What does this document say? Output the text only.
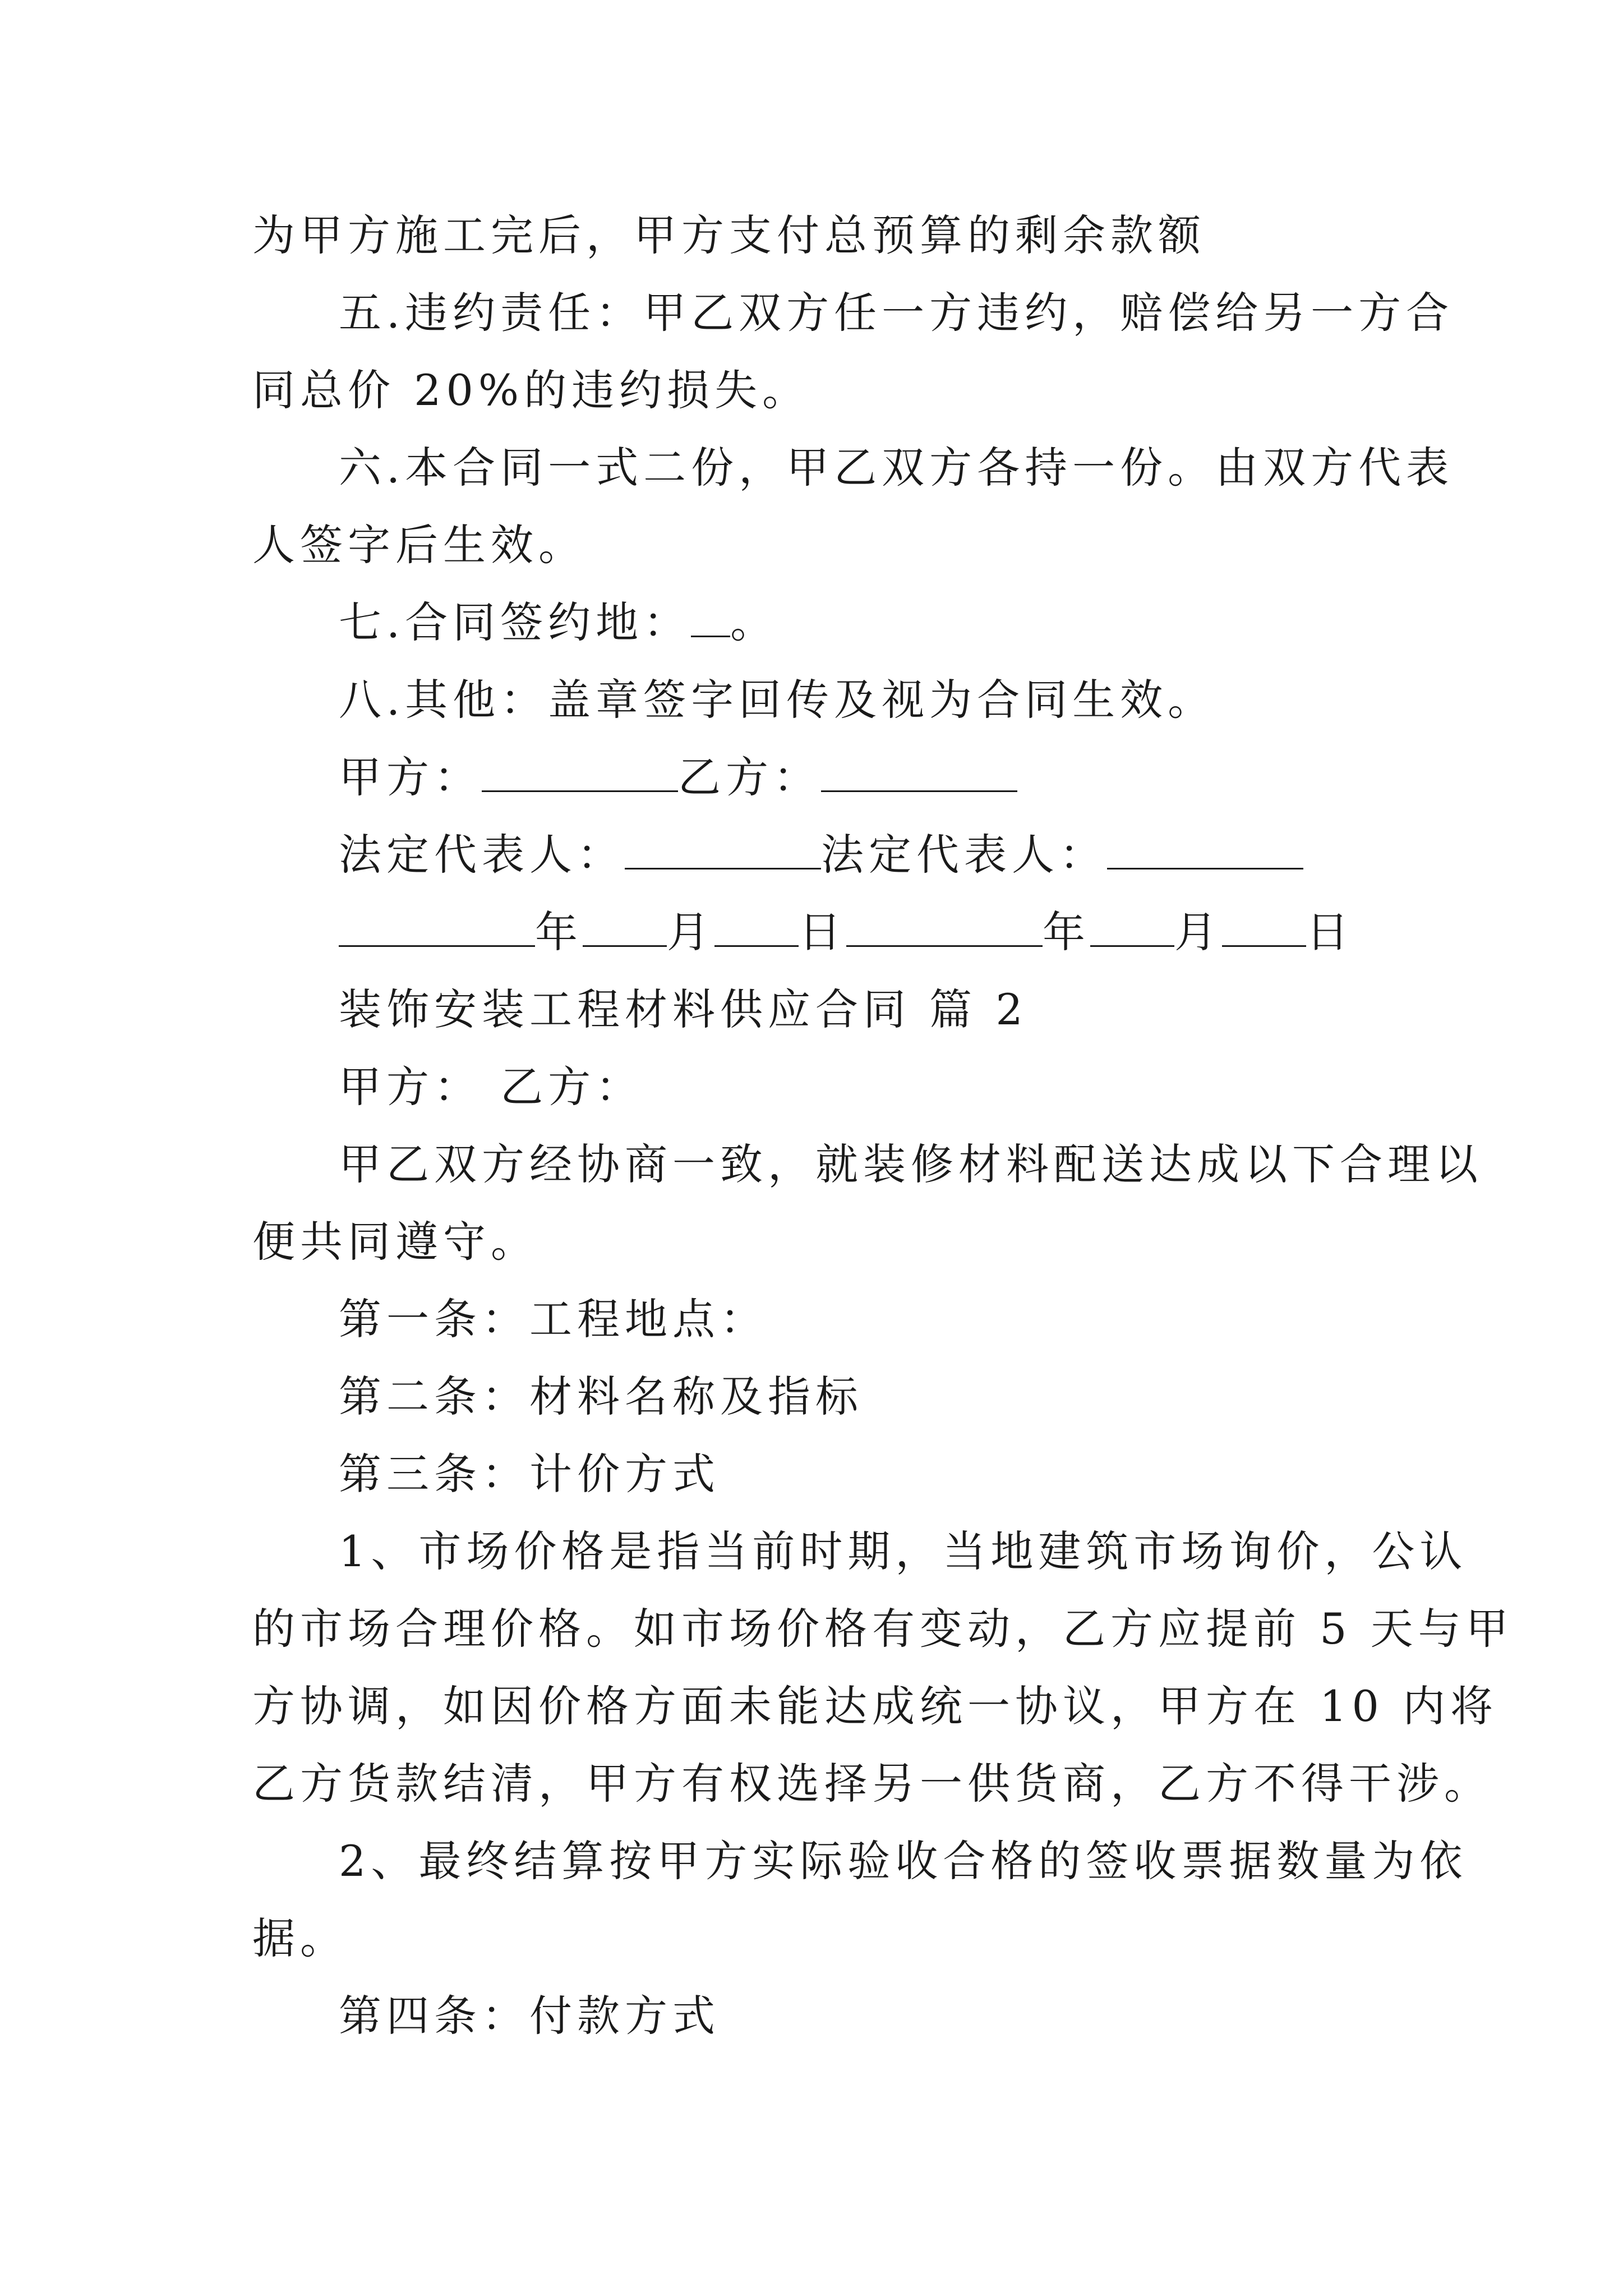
为甲方施工完后，甲方支付总预算的剩余款额
五.违约责任：甲乙双方任一方违约，赔偿给另一方合
同总价 20%的违约损失。
六.本合同一式二份，甲乙双方各持一份。由双方代表
人签字后生效。
七.合同签约地： 。
八.其他：盖章签字回传及视为合同生效。
甲方：	乙方：
法定代表人：	法定代表人：
年 月 日	年 月 日
装饰安装工程材料供应合同 篇 2
甲方： 乙方：
甲乙双方经协商一致，就装修材料配送达成以下合理以
便共同遵守。
第一条：工程地点：
第二条：材料名称及指标
第三条：计价方式
1、市场价格是指当前时期，当地建筑市场询价，公认
的市场合理价格。如市场价格有变动，乙方应提前 5 天与甲
方协调，如因价格方面未能达成统一协议，甲方在 10 内将
乙方货款结清，甲方有权选择另一供货商，乙方不得干涉。
2、最终结算按甲方实际验收合格的签收票据数量为依
据。
第四条：付款方式
